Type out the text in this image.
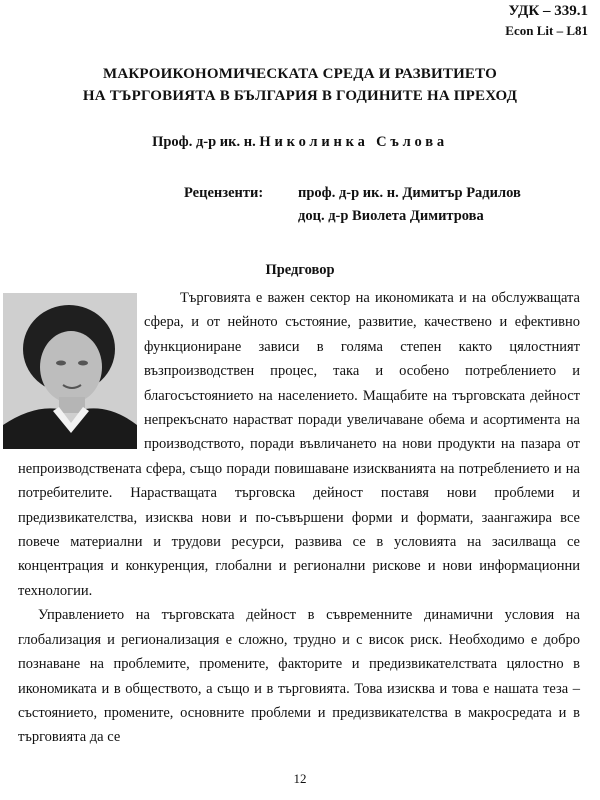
УДК – 339.1
Econ Lit – L81
МАКРОИКОНОМИЧЕСКАТА СРЕДА И РАЗВИТИЕТО
НА ТЪРГОВИЯТА В БЪЛГАРИЯ В ГОДИНИТЕ НА ПРЕХОД
Проф. д-р ик. н. Николинка Сълова
Рецензенти: проф. д-р ик. н. Димитър Радилов
доц. д-р Виолета Димитрова
Предговор

Търговията е важен сектор на икономиката и на обслужващата сфера, и от нейното състояние, развитие, качествено и ефективно функциониране зависи в голяма степен както цялостният възпроизводствен процес, така и особено потреблението и благосъстоянието на населението. Мащабите на търговската дейност непрекъснато нарастват поради увеличаване обема и асортимента на производството, поради въвличането на нови продукти на пазара от непроизводствената сфера, също поради повишаване изискванията на потреблението и на потребителите. Нарастващата търговска дейност поставя нови проблеми и предизвикателства, изисква нови и по-съвършени форми и формати, заангажира все повече материални и трудови ресурси, развива се в условията на засилваща се концентрация и конкуренция, глобални и регионални рискове и нови информационни технологии.

Управлението на търговската дейност в съвременните динамични условия на глобализация и регионализация е сложно, трудно и с висок риск. Необходимо е добро познаване на проблемите, промените, факторите и предизвикателствата цялостно в икономиката и в обществото, а също и в търговията. Това изисква и това е нашата теза – състоянието, промените, основните проблеми и предизвикателства в макросредата и в търговията да се

12
